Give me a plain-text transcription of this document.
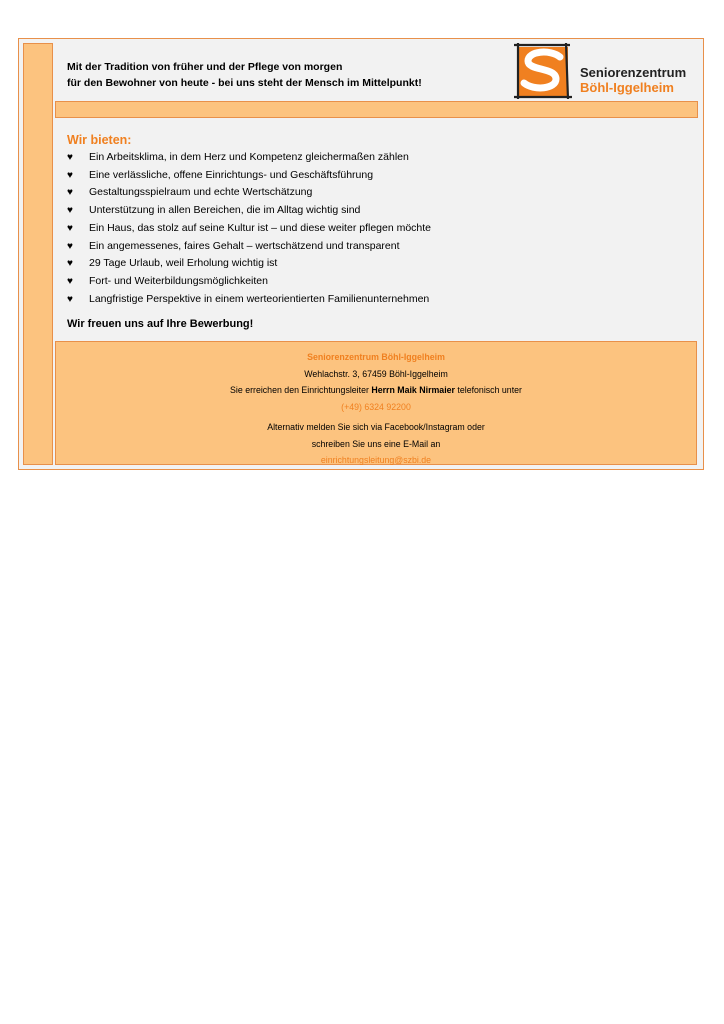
Mit der Tradition von früher und der Pflege von morgen
für den Bewohner von heute - bei uns steht der Mensch im Mittelpunkt!
Seniorenzentrum
Böhl-Iggelheim
Wir bieten:
♥ Ein Arbeitsklima, in dem Herz und Kompetenz gleichermaßen zählen
♥ Eine verlässliche, offene Einrichtungs- und Geschäftsführung
♥ Gestaltungsspielraum und echte Wertschätzung
♥ Unterstützung in allen Bereichen, die im Alltag wichtig sind
♥ Ein Haus, das stolz auf seine Kultur ist – und diese weiter pflegen möchte
♥ Ein angemessenes, faires Gehalt – wertschätzend und transparent
♥ 29 Tage Urlaub, weil Erholung wichtig ist
♥ Fort- und Weiterbildungsmöglichkeiten
♥ Langfristige Perspektive in einem werteorientierten Familienunternehmen
Wir freuen uns auf Ihre Bewerbung!
Seniorenzentrum Böhl-Iggelheim
Wehlachstr. 3, 67459 Böhl-Iggelheim
Sie erreichen den Einrichtungsleiter Herrn Maik Nirmaier telefonisch unter
(+49) 6324 92200
Alternativ melden Sie sich via Facebook/Instagram oder
schreiben Sie uns eine E-Mail an
einrichtungsleitung@szbi.de
